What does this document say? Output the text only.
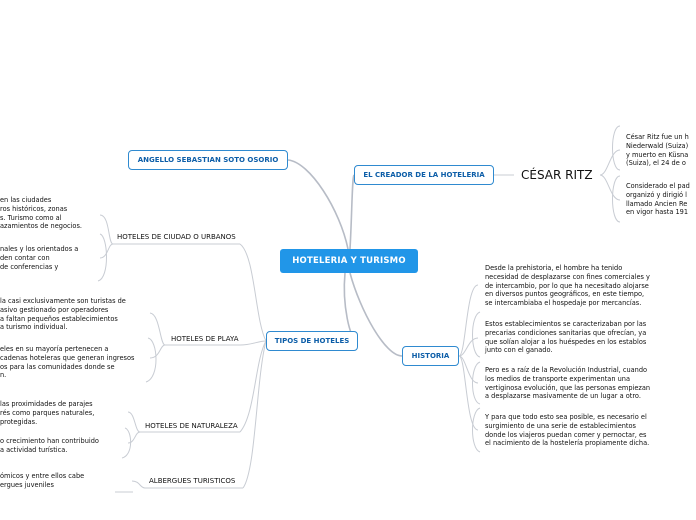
HOTELERIA Y TURISMO
ANGELLO SEBASTIAN SOTO OSORIO
EL CREADOR DE LA HOTELERIA
TIPOS DE HOTELES
HISTORIA
CÉSAR RITZ
César Ritz fue un h
Niederwald (Suiza)
y muerto en Küsna
(Suiza), el 24 de o
Considerado el pad
organizó y dirigió l
llamado Ancien Re
en vigor hasta 191
HOTELES DE CIUDAD O URBANOS
HOTELES DE PLAYA
HOTELES DE NATURALEZA
ALBERGUES TURISTICOS
en las ciudades
ros históricos, zonas
s. Turismo como al
azamientos de negocios.
nales y los orientados a
den contar con
de conferencias y
la casi exclusivamente son turistas de
asivo gestionado por operadores
a faltan pequeños establecimientos
a turismo individual.
eles en su mayoría pertenecen a
cadenas hoteleras que generan ingresos
os para las comunidades donde se
n.
las proximidades de parajes
rés como parques naturales,
protegidas.
o crecimiento han contribuido
a actividad turística.
ómicos y entre ellos cabe
ergues juveniles
Desde la prehistoria, el hombre ha tenido
necesidad de desplazarse con fines comerciales y
de intercambio, por lo que ha necesitado alojarse
en diversos puntos geográficos, en este tiempo,
se intercambiaba el hospedaje por mercancías.
Estos establecimientos se caracterizaban por las
precarias condiciones sanitarias que ofrecían, ya
que solían alojar a los huéspedes en los establos
junto con el ganado.
Pero es a raíz de la Revolución Industrial, cuando
los medios de transporte experimentan una
vertiginosa evolución, que las personas empiezan
a desplazarse masivamente de un lugar a otro.
Y para que todo esto sea posible, es necesario el
surgimiento de una serie de establecimientos
donde los viajeros puedan comer y pernoctar, es
el nacimiento de la hostelería propiamente dicha.
